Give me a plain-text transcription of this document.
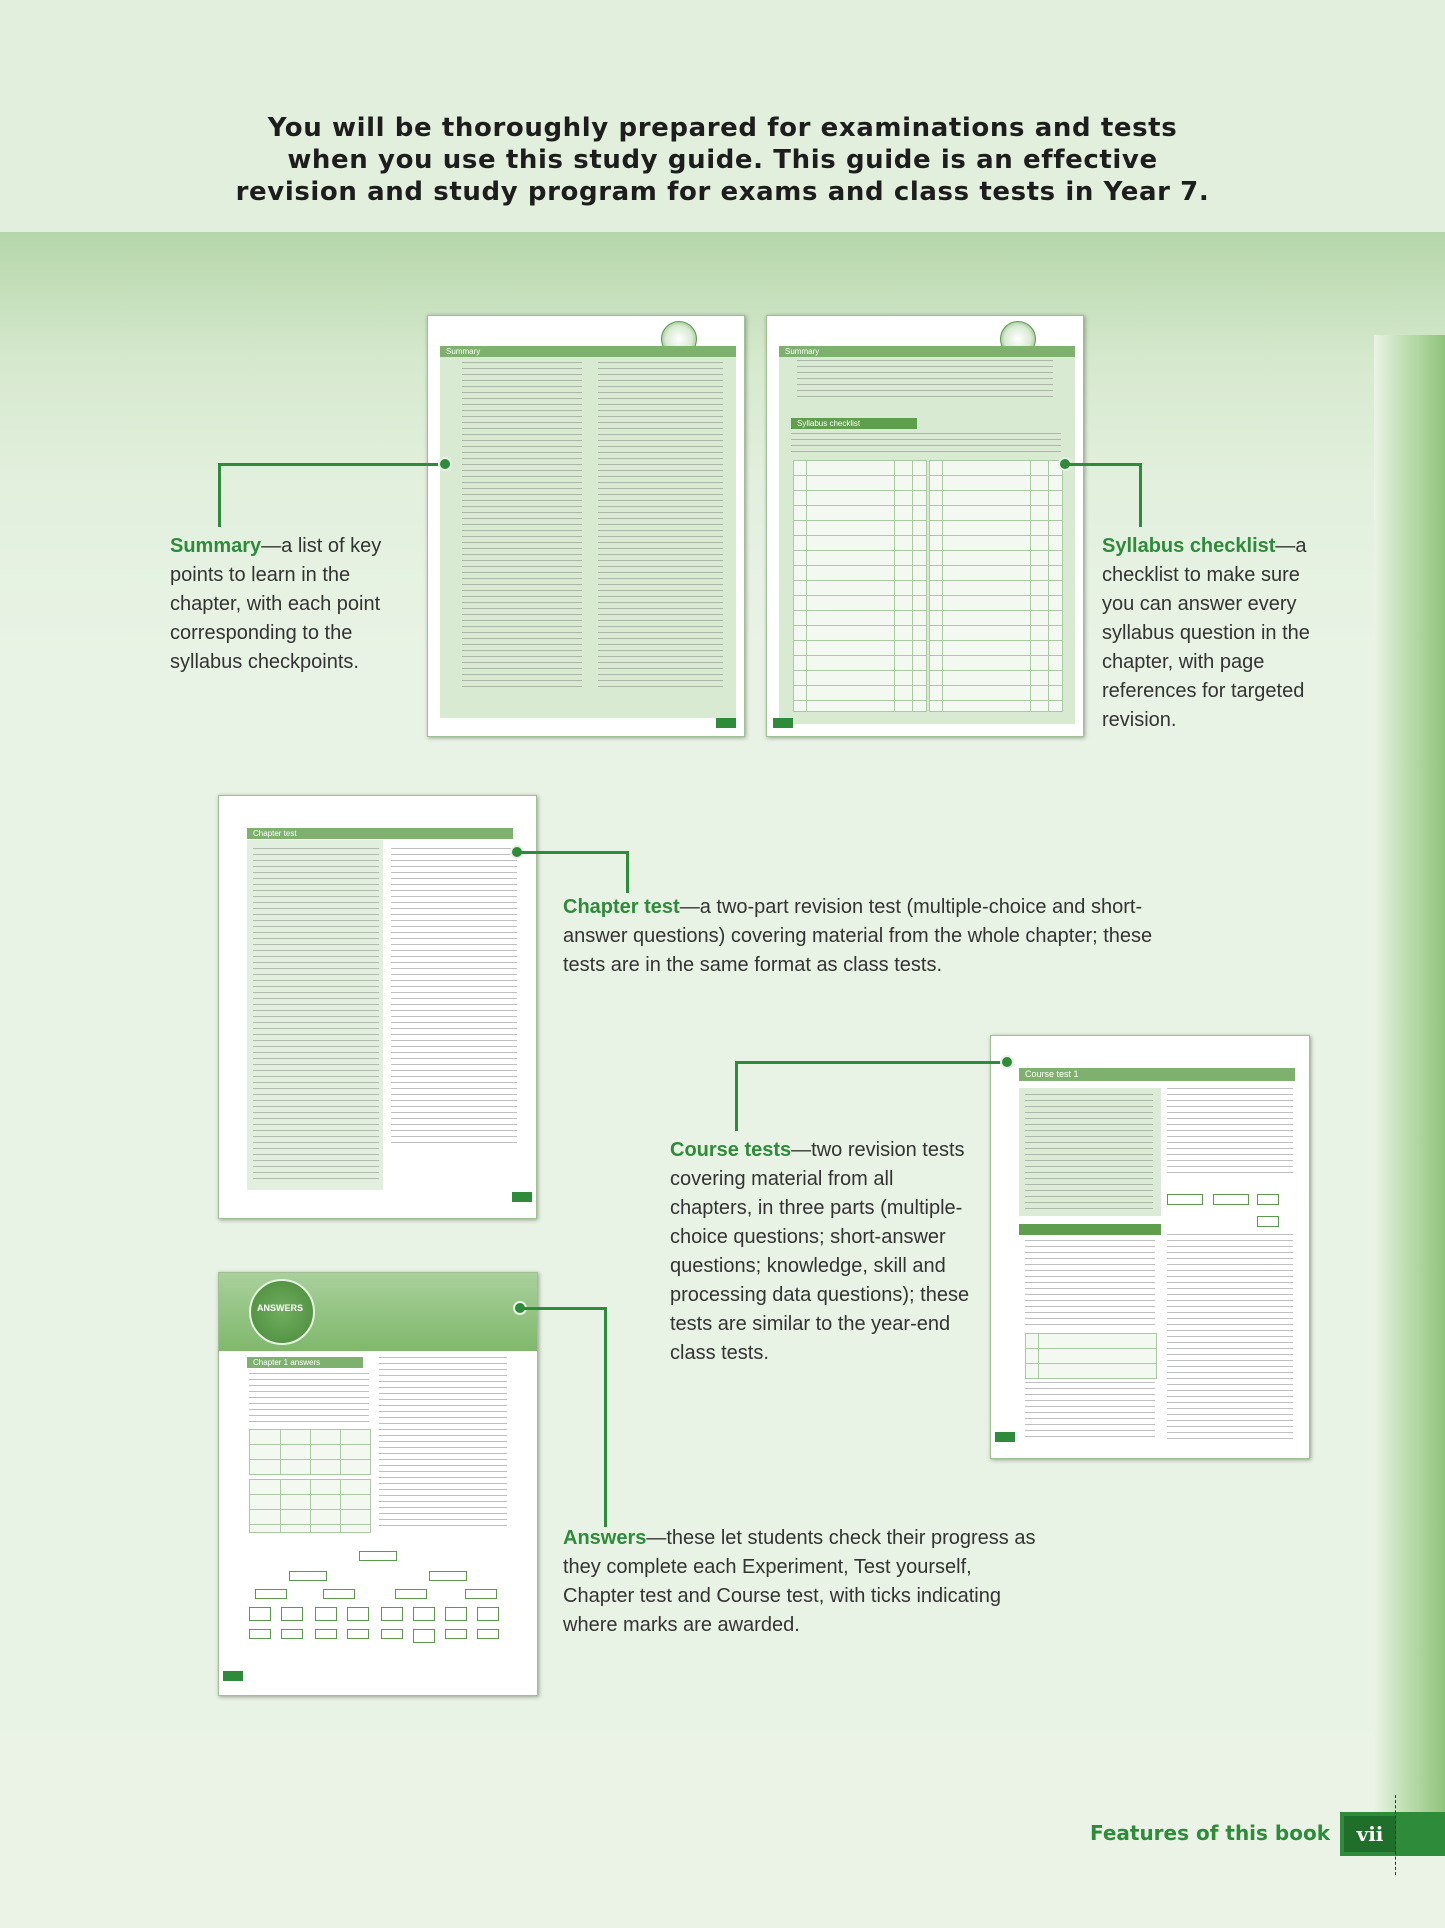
You will be thoroughly prepared for examinations and tests
when you use this study guide. This guide is an effective
revision and study program for exams and class tests in Year 7.
Summary	Summary
Syllabus checklist
Chapter test
Course test 1
ANSWERS
Chapter 1 answers
Summary—a list of key points to learn in the chapter, with each point corresponding to the syllabus checkpoints.
Syllabus checklist—a checklist to make sure you can answer every syllabus question in the chapter, with page references for targeted revision.
Chapter test—a two-part revision test (multiple-choice and short-answer questions) covering material from the whole chapter; these tests are in the same format as class tests.
Course tests—two revision tests covering material from all chapters, in three parts (multiple-choice questions; short-answer questions; knowledge, skill and processing data questions); these tests are similar to the year-end class tests.
Answers—these let students check their progress as they complete each Experiment, Test yourself, Chapter test and Course test, with ticks indicating where marks are awarded.
Features of this book	vii
